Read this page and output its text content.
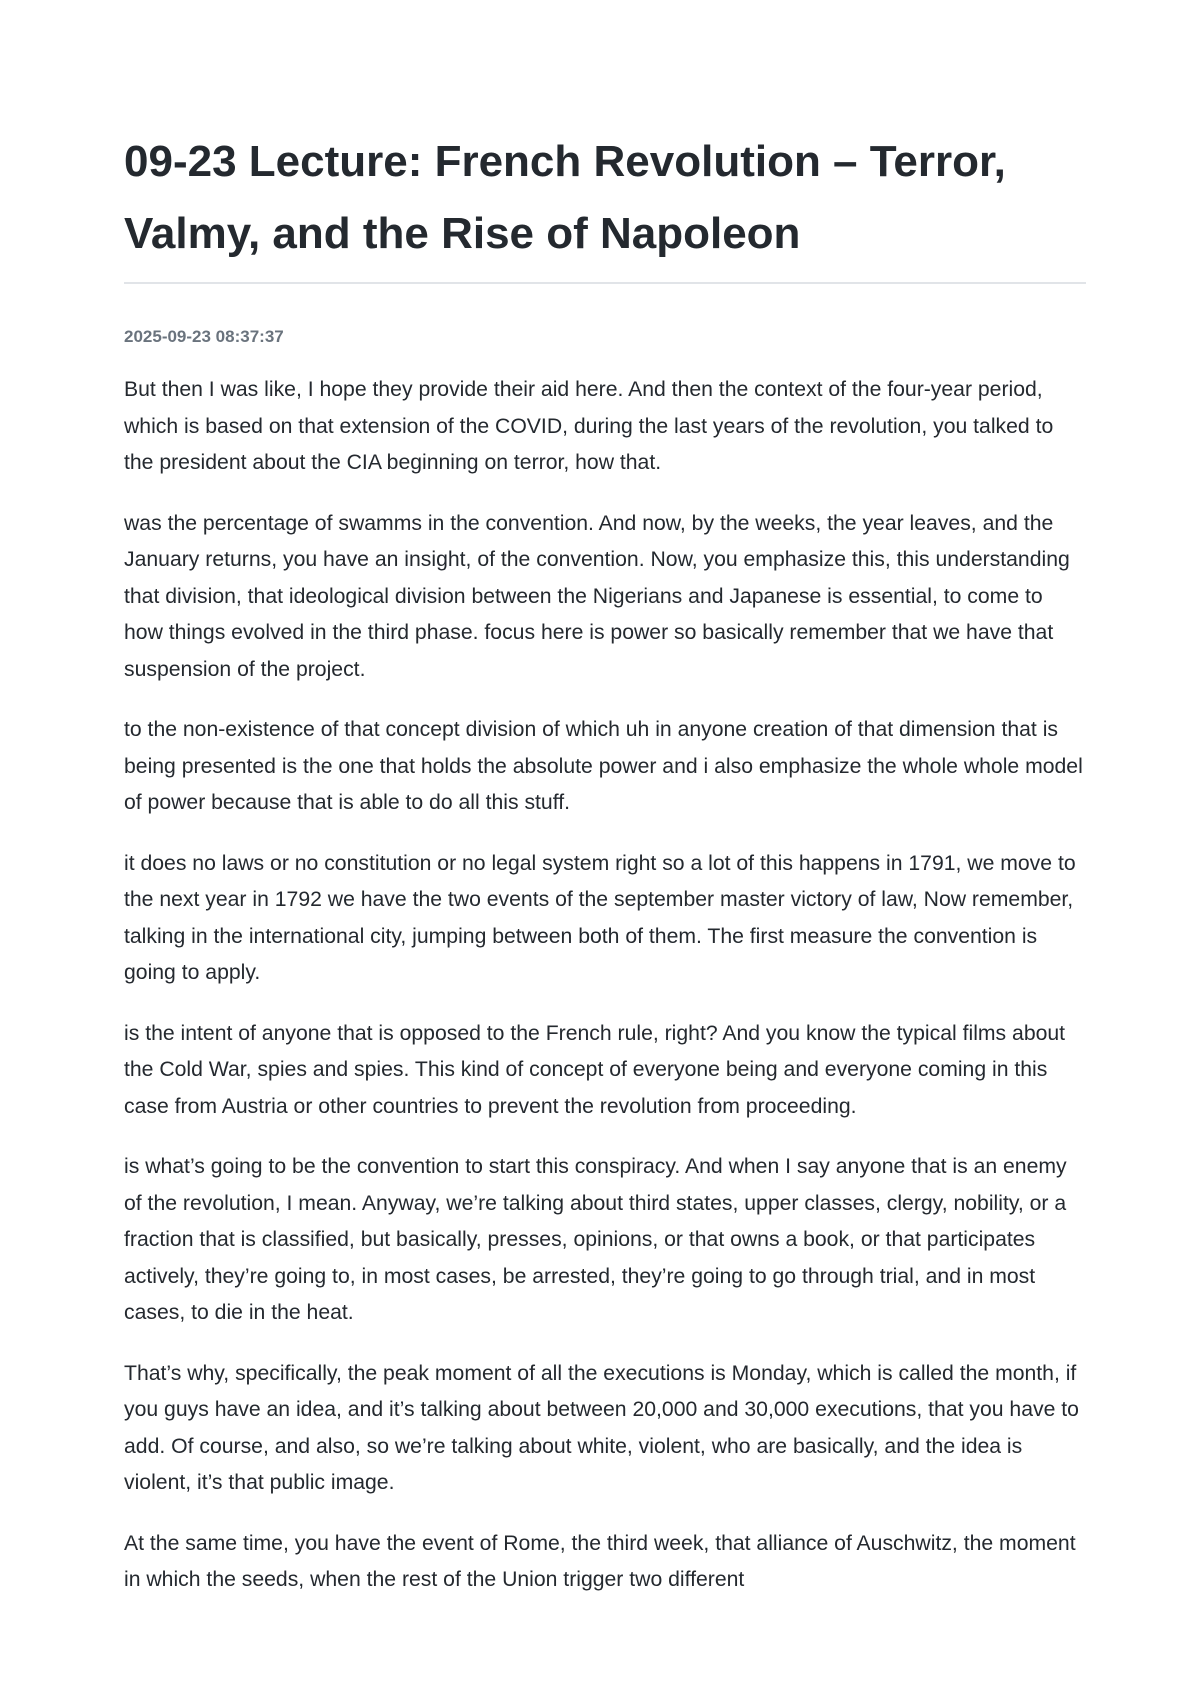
09-23 Lecture: French Revolution – Terror, Valmy, and the Rise of Napoleon
2025-09-23 08:37:37

But then I was like, I hope they provide their aid here. And then the context of the four-year period, which is based on that extension of the COVID, during the last years of the revolution, you talked to the president about the CIA beginning on terror, how that.

was the percentage of swamms in the convention. And now, by the weeks, the year leaves, and the January returns, you have an insight, of the convention. Now, you emphasize this, this understanding that division, that ideological division between the Nigerians and Japanese is essential, to come to how things evolved in the third phase. focus here is power so basically remember that we have that suspension of the project.

to the non-existence of that concept division of which uh in anyone creation of that dimension that is being presented is the one that holds the absolute power and i also emphasize the whole whole model of power because that is able to do all this stuff.

it does no laws or no constitution or no legal system right so a lot of this happens in 1791, we move to the next year in 1792 we have the two events of the september master victory of law, Now remember, talking in the international city, jumping between both of them. The first measure the convention is going to apply.

is the intent of anyone that is opposed to the French rule, right? And you know the typical films about the Cold War, spies and spies. This kind of concept of everyone being and everyone coming in this case from Austria or other countries to prevent the revolution from proceeding.

is what’s going to be the convention to start this conspiracy. And when I say anyone that is an enemy of the revolution, I mean. Anyway, we’re talking about third states, upper classes, clergy, nobility, or a fraction that is classified, but basically, presses, opinions, or that owns a book, or that participates actively, they’re going to, in most cases, be arrested, they’re going to go through trial, and in most cases, to die in the heat.

That’s why, specifically, the peak moment of all the executions is Monday, which is called the month, if you guys have an idea, and it’s talking about between 20,000 and 30,000 executions, that you have to add. Of course, and also, so we’re talking about white, violent, who are basically, and the idea is violent, it’s that public image.

At the same time, you have the event of Rome, the third week, that alliance of Auschwitz, the moment in which the seeds, when the rest of the Union trigger two different
